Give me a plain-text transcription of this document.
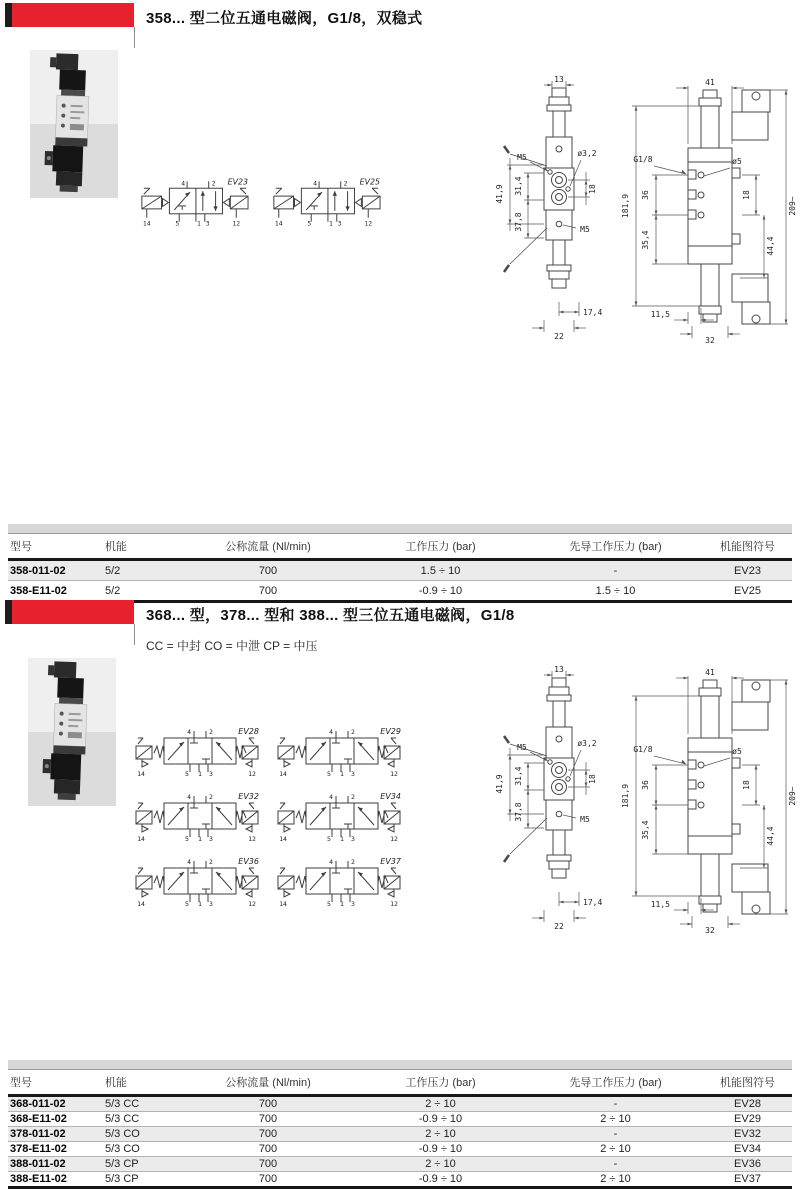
358... 型二位五通电磁阀，G1/8，双稳式
4	2
5	1 3
14	12
EV23	4	2
5	1 3
14	12
EV25
13
22
17,4
41,9 31,4
37,8
18
M5	ø3,2
M5
41
181,9 36
35,4
18
44,4
209~
G1/8	ø5
11,5
32
型号	机能	公称流量 (Nl/min)	工作压力 (bar)	先导工作压力 (bar)	机能图符号
358-011-02	5/2	700	1.5 ÷ 10	-	EV23
358-E11-02	5/2	700	-0.9 ÷ 10	1.5 ÷ 10	EV25
368... 型，378... 型和 388... 型三位五通电磁阀，G1/8
CC = 中封 CO = 中泄 CP = 中压
4	2
5 1 3
14	12
EV28	4	2
5 1 3
14	12
EV29
4	2
5 1 3
14	12
EV32	4	2
5 1 3
14	12
EV34
4	2
5 1 3
14	12
EV36	4	2
5 1 3
14	12
EV37
13
22
17,4
41,9 31,4
37,8
18
M5	ø3,2
M5
41
181,9 36
35,4
18
44,4
209~
G1/8	ø5
11,5
32
型号	机能	公称流量 (Nl/min)	工作压力 (bar)	先导工作压力 (bar)	机能图符号
368-011-02	5/3 CC	700	2 ÷ 10	-	EV28
368-E11-02	5/3 CC	700	-0.9 ÷ 10	2 ÷ 10	EV29
378-011-02	5/3 CO	700	2 ÷ 10	-	EV32
378-E11-02	5/3 CO	700	-0.9 ÷ 10	2 ÷ 10	EV34
388-011-02	5/3 CP	700	2 ÷ 10	-	EV36
388-E11-02	5/3 CP	700	-0.9 ÷ 10	2 ÷ 10	EV37
